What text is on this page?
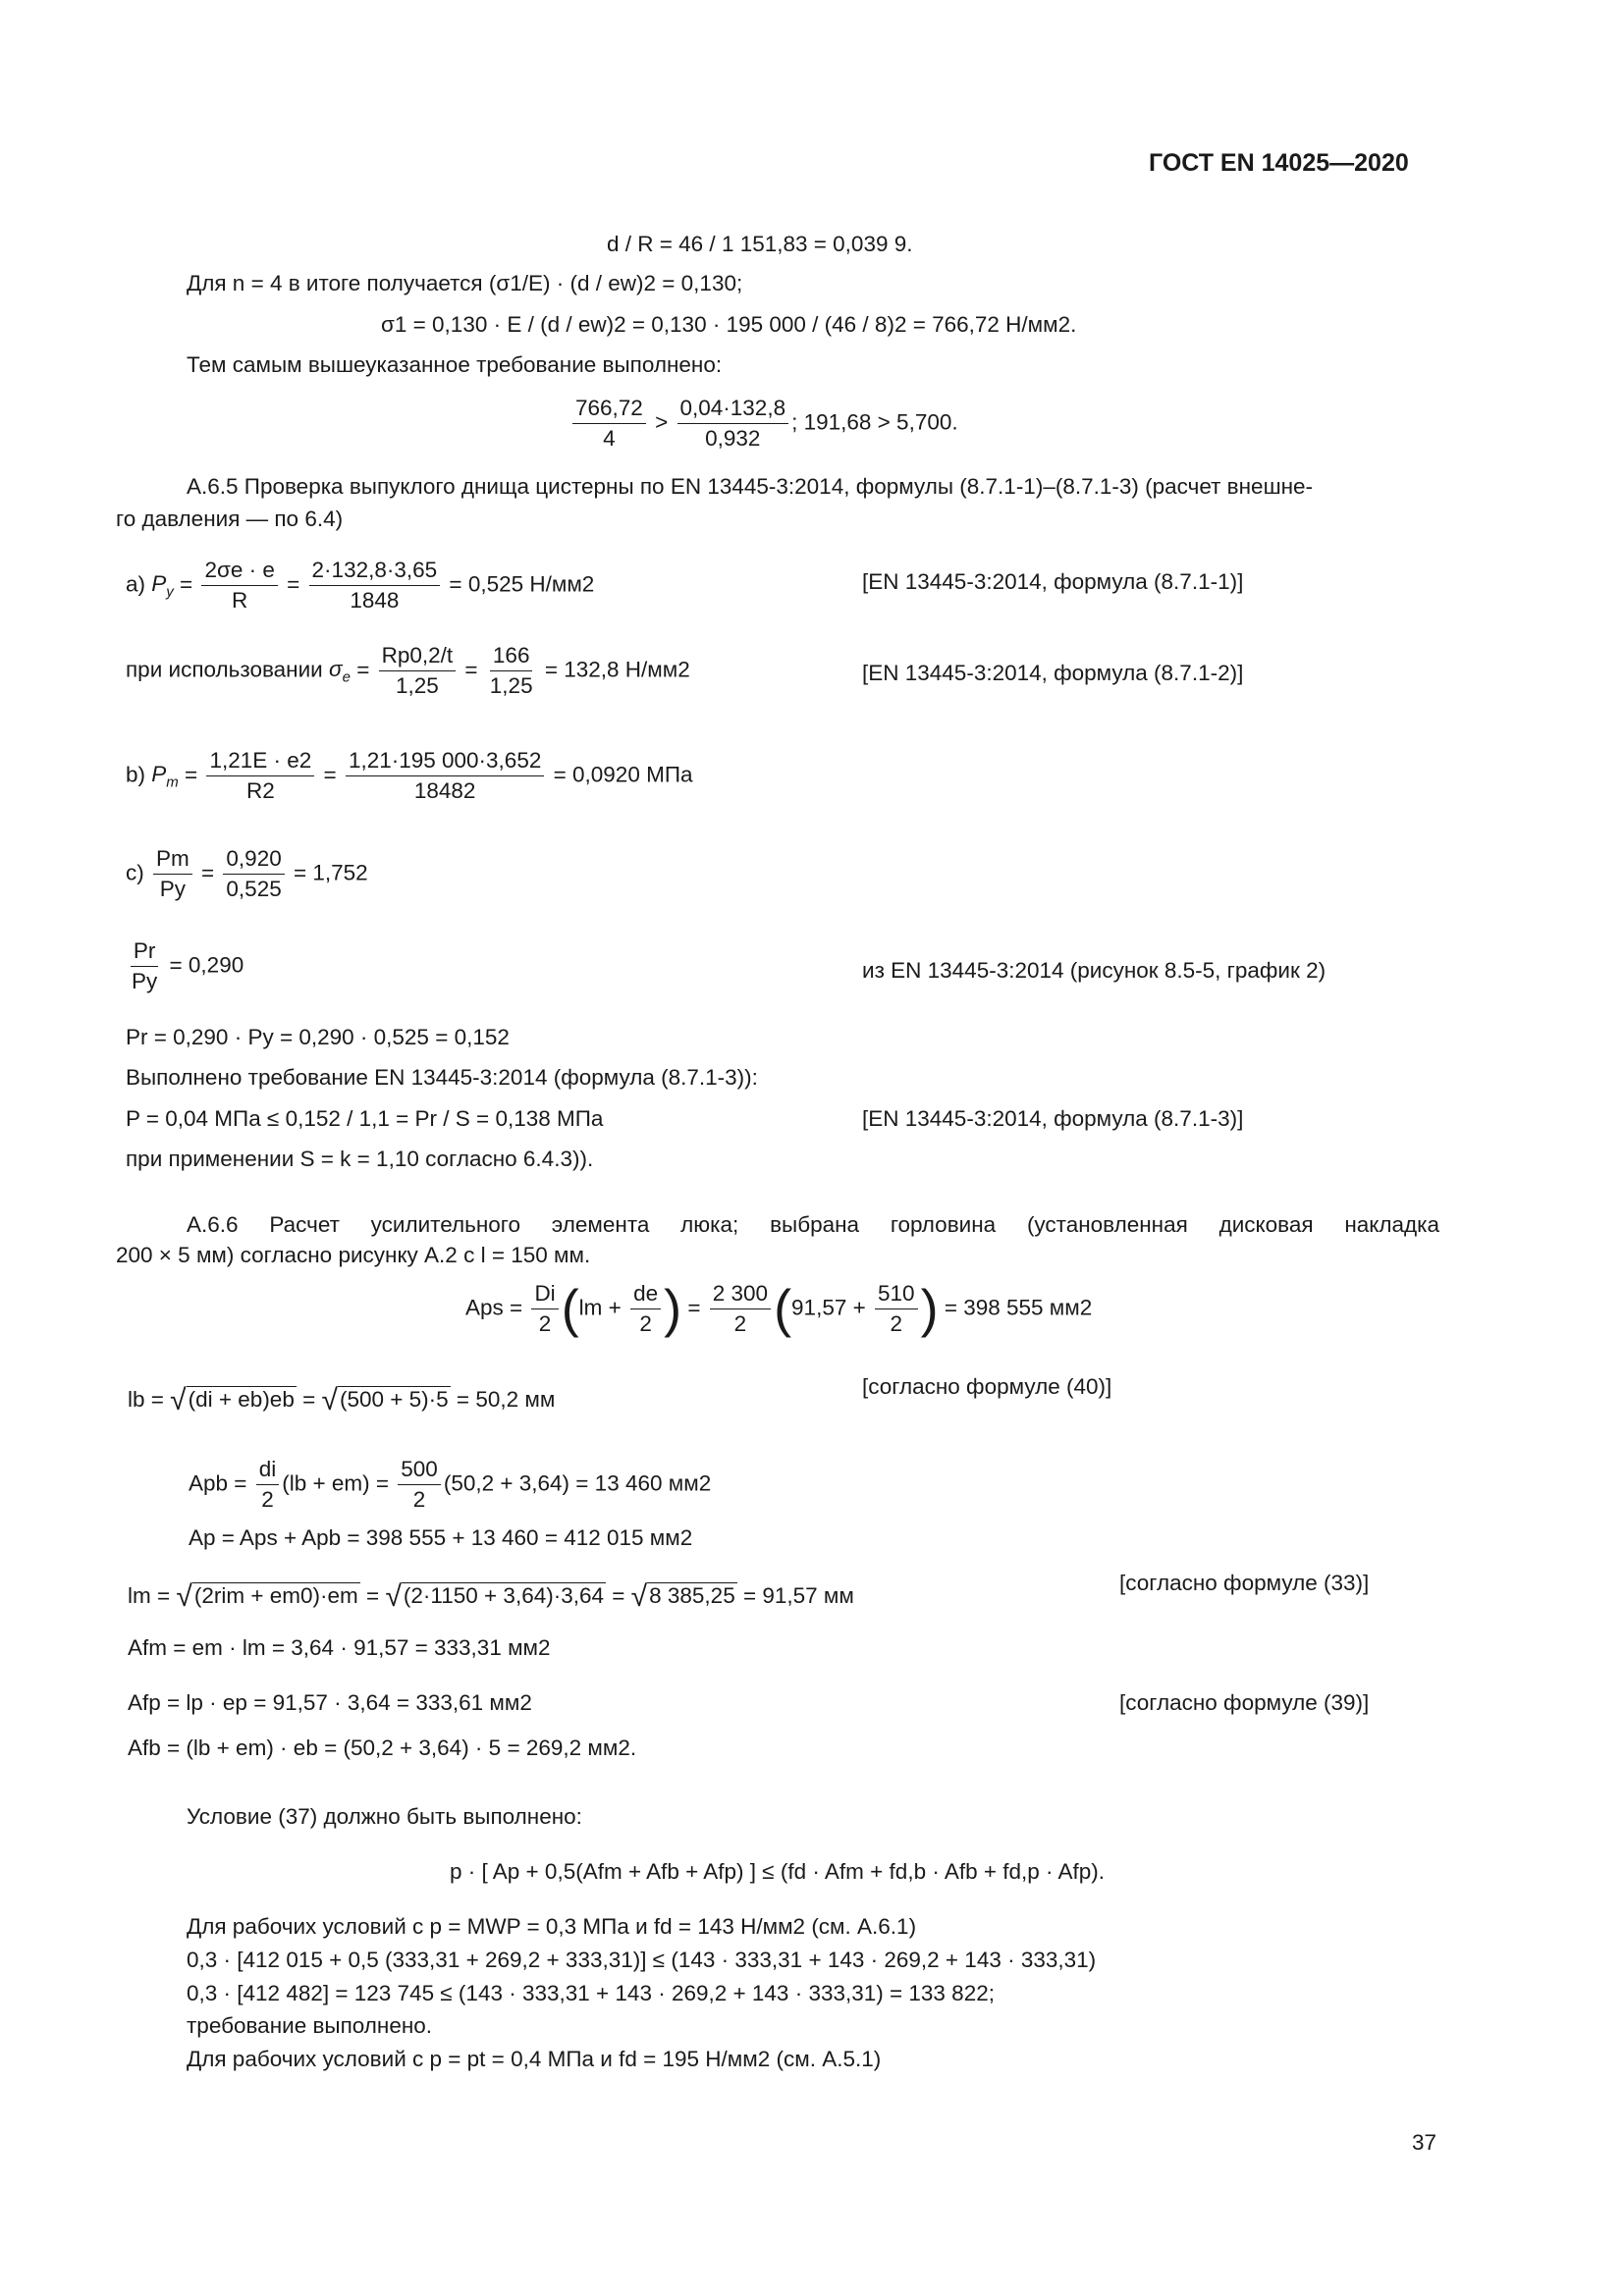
ГОСТ EN 14025—2020
d / R = 46 / 1 151,83 = 0,039 9.
Для n = 4 в итоге получается (σ1/E) · (d / ew)2 = 0,130;
σ1 = 0,130 · E / (d / ew)2 = 0,130 · 195 000 / (46 / 8)2 = 766,72 Н/мм2.
Тем самым вышеуказанное требование выполнено:
$\frac{766,72}{4} > \frac{0,04\cdot 132,8}{0,932}$ ; 191,68 > 5,700.
А.6.5 Проверка выпуклого днища цистерны по EN 13445-3:2014, формулы (8.7.1-1)–(8.7.1-3) (расчет внешне-
го давления — по 6.4)
a) $P_y = \frac{2\sigma e \cdot e}{R} = \frac{2\cdot 132,8\cdot 3,65}{1848} = 0,525$ Н/мм2	[EN 13445-3:2014, формула (8.7.1-1)]
при использовании $\sigma_e = \frac{Rp0,2/t}{1,25} = \frac{166}{1,25} = 132,8$ Н/мм2	[EN 13445-3:2014, формула (8.7.1-2)]
b) $P_m = \frac{1,21E \cdot e2}{R2} = \frac{1,21\cdot 195 000\cdot 3,652}{18482} = 0,0920$ МПа
$c) \frac{Pm}{Py} = \frac{0,920}{0,525} = 1,752$
$\frac{Pr}{Py} = 0,290$	из EN 13445-3:2014 (рисунок 8.5-5, график 2)
Pr = 0,290 · Py = 0,290 · 0,525 = 0,152
Выполнено требование EN 13445-3:2014 (формула (8.7.1-3)):
P = 0,04 МПа ≤ 0,152 / 1,1 = Pr / S = 0,138 МПа	[EN 13445-3:2014, формула (8.7.1-3)]
при применении S = k = 1,10 согласно 6.4.3)).
А.6.6 Расчет усилительного элемента люка; выбрана горловина (установленная дисковая накладка
200 × 5 мм) согласно рисунку А.2 с l = 150 мм.
Aps = $\frac{Di}{2} (lm + \frac{de}{2}$ ) = $\frac{2 300}{2} (91,57 + \frac{510}{2}$ ) = 398 555 мм2
lb = √(di + eb)eb = √(500 + 5)·5 = 50,2 мм
[согласно формуле (40)]
Apb = $\frac{di}{2} (lb + em) = \frac{500}{2} (50,2 + 3,64) = 13$ 460 мм2
Ap = Aps + Apb = 398 555 + 13 460 = 412 015 мм2
lm = √(2rim + em0)·em = √(2·1150 + 3,64)·3,64 = √8 385,25 = 91,57 мм
[согласно формуле (33)]
Afm = em · lm = 3,64 · 91,57 = 333,31 мм2
Afp = lp · ep = 91,57 · 3,64 = 333,61 мм2	[согласно формуле (39)]
Afb = (lb + em) · eb = (50,2 + 3,64) · 5 = 269,2 мм2.
Условие (37) должно быть выполнено:
p · [ Ap + 0,5(Afm + Afb + Afp) ] ≤ (fd · Afm + fd,b · Afb + fd,p · Afp).
Для рабочих условий с p = MWP = 0,3 МПа и fd = 143 Н/мм2 (см. А.6.1)
0,3 · [412 015 + 0,5 (333,31 + 269,2 + 333,31)] ≤ (143 · 333,31 + 143 · 269,2 + 143 · 333,31)
0,3 · [412 482] = 123 745 ≤ (143 · 333,31 + 143 · 269,2 + 143 · 333,31) = 133 822;
требование выполнено.
Для рабочих условий с p = pt = 0,4 МПа и fd = 195 Н/мм2 (см. А.5.1)
37
